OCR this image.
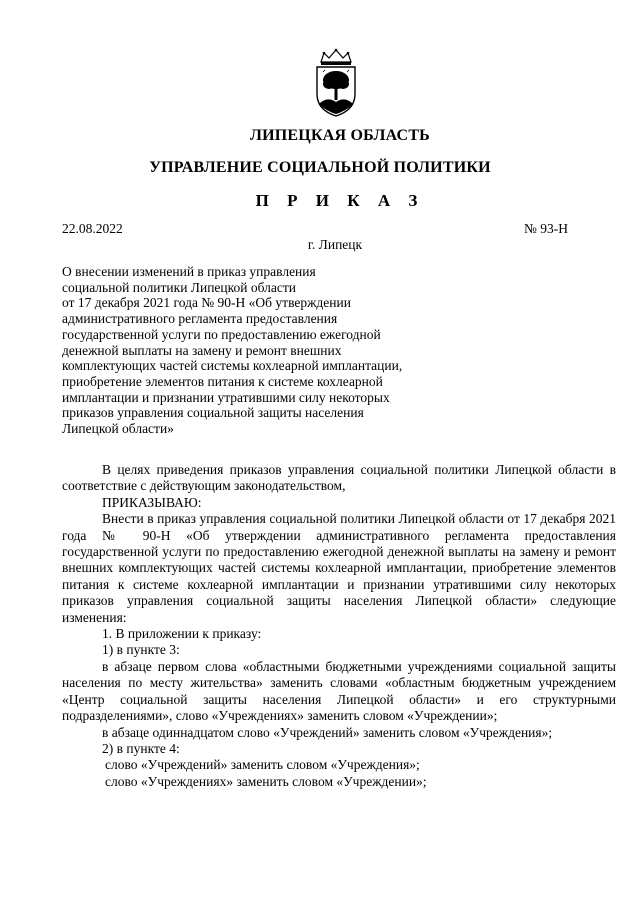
ЛИПЕЦКАЯ ОБЛАСТЬ
УПРАВЛЕНИЕ СОЦИАЛЬНОЙ ПОЛИТИКИ
П Р И К А З
22.08.2022	№ 93-Н
г. Липецк
О внесении изменений в приказ управления
социальной политики Липецкой области
от 17 декабря 2021 года № 90-Н «Об утверждении
административного регламента предоставления
государственной услуги по предоставлению ежегодной
денежной выплаты на замену и ремонт внешних
комплектующих частей системы кохлеарной имплантации,
приобретение элементов питания к системе кохлеарной
имплантации и признании утратившими силу некоторых
приказов управления социальной защиты населения
Липецкой области»
В целях приведения приказов управления социальной политики Липецкой области в соответствие с действующим законодательством,
ПРИКАЗЫВАЮ:
Внести в приказ управления социальной политики Липецкой области от 17 декабря 2021 года № 90-Н «Об утверждении административного регламента предоставления государственной услуги по предоставлению ежегодной денежной выплаты на замену и ремонт внешних комплектующих частей системы кохлеарной имплантации, приобретение элементов питания к системе кохлеарной имплантации и признании утратившими силу некоторых приказов управления социальной защиты населения Липецкой области» следующие изменения:
1. В приложении к приказу:
1) в пункте 3:
в абзаце первом слова «областными бюджетными учреждениями социальной защиты населения по месту жительства» заменить словами «областным бюджетным учреждением «Центр социальной защиты населения Липецкой области» и его структурными подразделениями», слово «Учреждениях» заменить словом «Учреждении»;
в абзаце одиннадцатом слово «Учреждений» заменить словом «Учреждения»;
2) в пункте 4:
слово «Учреждений» заменить словом «Учреждения»;
слово «Учреждениях» заменить словом «Учреждении»;
